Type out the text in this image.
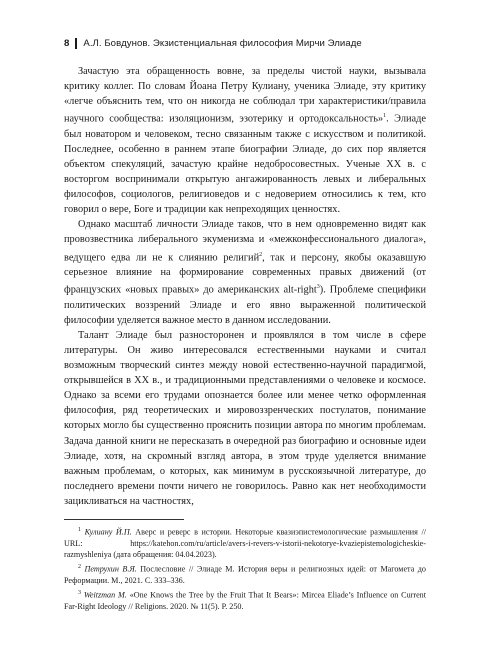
8 А.Л. Бовдунов. Экзистенциальная философия Мирчи Элиаде

Зачастую эта обращенность вовне, за пределы чистой науки, вызывала критику коллег. По словам Йоана Петру Кулиану, ученика Элиаде, эту критику «легче объяснить тем, что он никогда не соблюдал три характеристики/правила научного сообщества: изоляционизм, эзотерику и ортодоксальность»$^1$. Элиаде был новатором и человеком, тесно связанным также с искусством и политикой. Последнее, особенно в раннем этапе биографии Элиаде, до сих пор является объектом спекуляций, зачастую крайне недобросовестных. Ученые XX в. с восторгом воспринимали открытую ангажированность левых и либеральных философов, социологов, религиоведов и с недоверием относились к тем, кто говорил о вере, Боге и традиции как непреходящих ценностях.

Однако масштаб личности Элиаде таков, что в нем одновременно видят как провозвестника либерального экуменизма и «межконфессионального диалога», ведущего едва ли не к слиянию религий$^2$, так и персону, якобы оказавшую серьезное влияние на формирование современных правых движений (от французских «новых правых» до американских alt-right$^3$). Проблеме специфики политических воззрений Элиаде и его явно выраженной политической философии уделяется важное место в данном исследовании.

Талант Элиаде был разносторонен и проявлялся в том числе в сфере литературы. Он живо интересовался естественными науками и считал возможным творческий синтез между новой естественно-научной парадигмой, открывшейся в XX в., и традиционными представлениями о человеке и космосе. Однако за всеми его трудами опознается более или менее четко оформленная философия, ряд теоретических и мировоззренческих постулатов, понимание которых могло бы существенно прояснить позиции автора по многим проблемам. Задача данной книги не пересказать в очередной раз биографию и основные идеи Элиаде, хотя, на скромный взгляд автора, в этом труде уделяется внимание важным проблемам, о которых, как минимум в русскоязычной литературе, до последнего времени почти ничего не говорилось. Равно как нет необходимости зацикливаться на частностях,

$^1$ Кулиану Й.П. Аверс и реверс в истории. Некоторые квазиэпистемологические размышления // URL: https://katehon.com/ru/article/avers-i-revers-v-istorii-nekotorye-kvaziepistemologicheskie-razmyshleniya (дата обращения: 04.04.2023).

$^2$ Петрухин В.Я. Послесловие // Элиаде М. История веры и религиозных идей: от Магомета до Реформации. М., 2021. С. 333–336.

$^3$ Weitzman M. «One Knows the Tree by the Fruit That It Bears»: Mircea Eliade’s Influence on Current Far-Right Ideology // Religions. 2020. № 11(5). P. 250.
